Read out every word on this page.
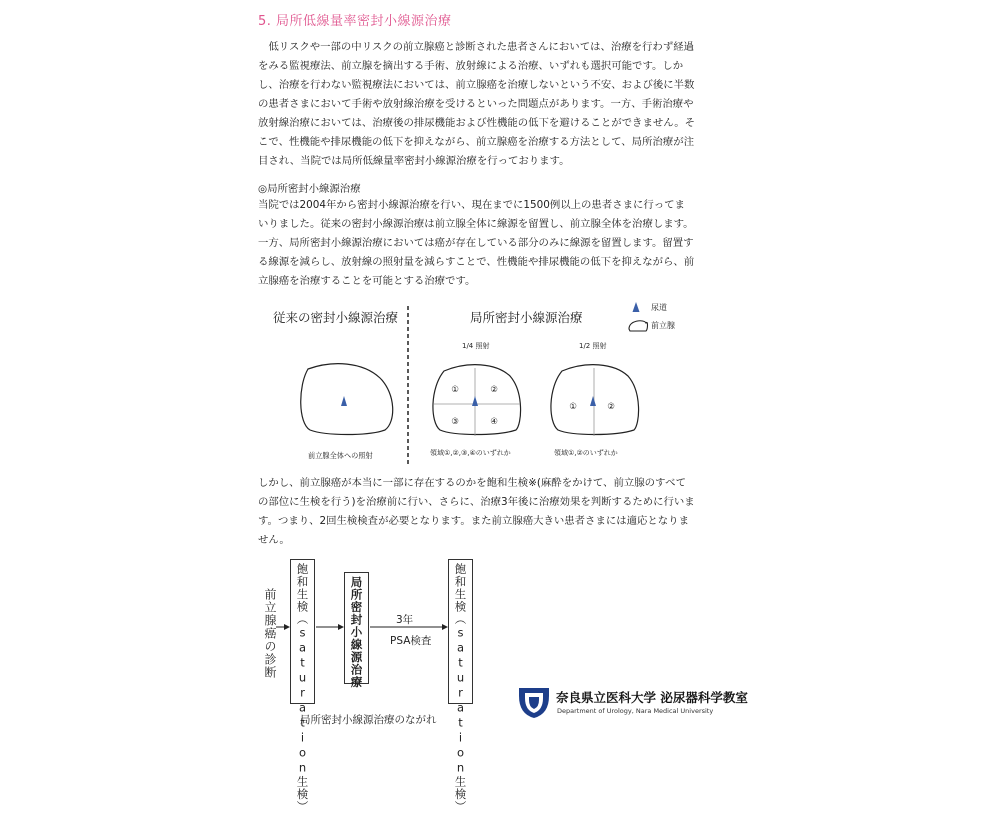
5. 局所低線量率密封小線源治療
　低リスクや一部の中リスクの前立腺癌と診断された患者さんにおいては、治療を行わず経過
をみる監視療法、前立腺を摘出する手術、放射線による治療、いずれも選択可能です。しか
し、治療を行わない監視療法においては、前立腺癌を治療しないという不安、および後に半数
の患者さまにおいて手術や放射線治療を受けるといった問題点があります。一方、手術治療や
放射線治療においては、治療後の排尿機能および性機能の低下を避けることができません。そ
こで、性機能や排尿機能の低下を抑えながら、前立腺癌を治療する方法として、局所治療が注
目され、当院では局所低線量率密封小線源治療を行っております。
◎局所密封小線源治療
当院では2004年から密封小線源治療を行い、現在までに1500例以上の患者さまに行ってま
いりました。従来の密封小線源治療は前立腺全体に線源を留置し、前立腺全体を治療します。
一方、局所密封小線源治療においては癌が存在している部分のみに線源を留置します。留置す
る線源を減らし、放射線の照射量を減らすことで、性機能や排尿機能の低下を抑えながら、前
立腺癌を治療することを可能とする治療です。
従来の密封小線源治療	局所密封小線源治療
尿道
前立腺
前立腺全体への照射
1/4 照射
①	②
③	④
領域①,②,③,④のいずれか
1/2 照射
①	②
領域①,②のいずれか
しかし、前立腺癌が本当に一部に存在するのかを飽和生検※(麻酔をかけて、前立腺のすべて
の部位に生検を行う)を治療前に行い、さらに、治療3年後に治療効果を判断するために行いま
す。つまり、2回生検検査が必要となります。また前立腺癌大きい患者さまには適応となりま
せん。
前立腺癌の診断 飽和生検（saturation生検）	局所密封小線源治療	3年
PSA検査 飽和生検（saturation生検）
局所密封小線源治療のながれ
奈良県立医科大学 泌尿器科学教室
Department of Urology, Nara Medical University
